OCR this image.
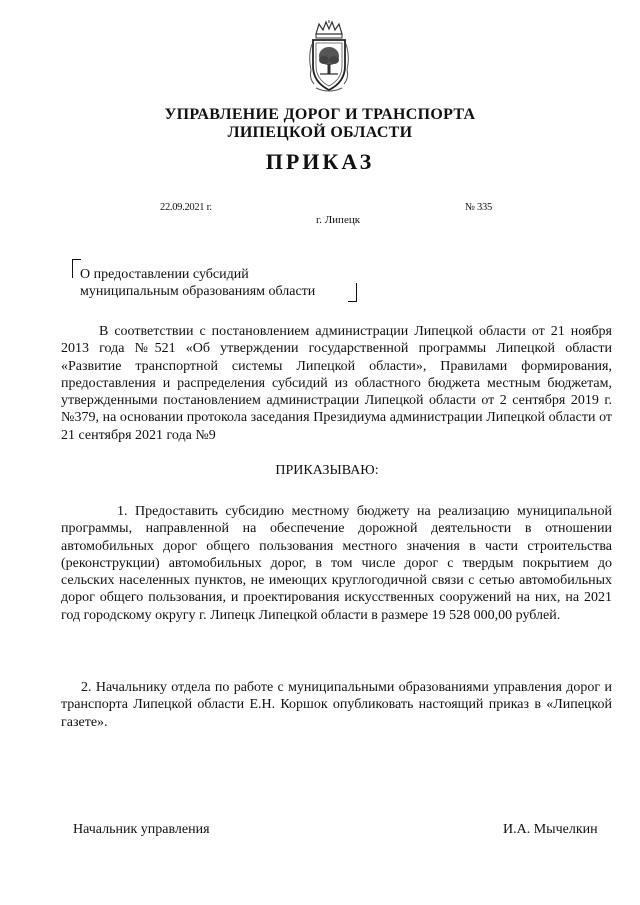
УПРАВЛЕНИЕ ДОРОГ И ТРАНСПОРТА
ЛИПЕЦКОЙ ОБЛАСТИ
ПРИКАЗ
22.09.2021 г.	№ 335
г. Липецк
О предоставлении субсидий
муниципальным образованиям области
В соответствии с постановлением администрации Липецкой области от 21 ноября 2013 года №521 «Об утверждении государственной программы Липецкой области «Развитие транспортной системы Липецкой области», Правилами формирования, предоставления и распределения субсидий из областного бюджета местным бюджетам, утвержденными постановлением администрации Липецкой области от 2 сентября 2019 г. №379, на основании протокола заседания Президиума администрации Липецкой области от 21 сентября 2021 года №9
ПРИКАЗЫВАЮ:
1. Предоставить субсидию местному бюджету на реализацию муниципальной программы, направленной на обеспечение дорожной деятельности в отношении автомобильных дорог общего пользования местного значения в части строительства (реконструкции) автомобильных дорог, в том числе дорог с твердым покрытием до сельских населенных пунктов, не имеющих круглогодичной связи с сетью автомобильных дорог общего пользования, и проектирования искусственных сооружений на них, на 2021 год городскому округу г. Липецк Липецкой области в размере 19 528 000,00 рублей.
2. Начальнику отдела по работе с муниципальными образованиями управления дорог и транспорта Липецкой области Е.Н. Коршок опубликовать настоящий приказ в «Липецкой газете».
Начальник управления	И.А. Мычелкин
